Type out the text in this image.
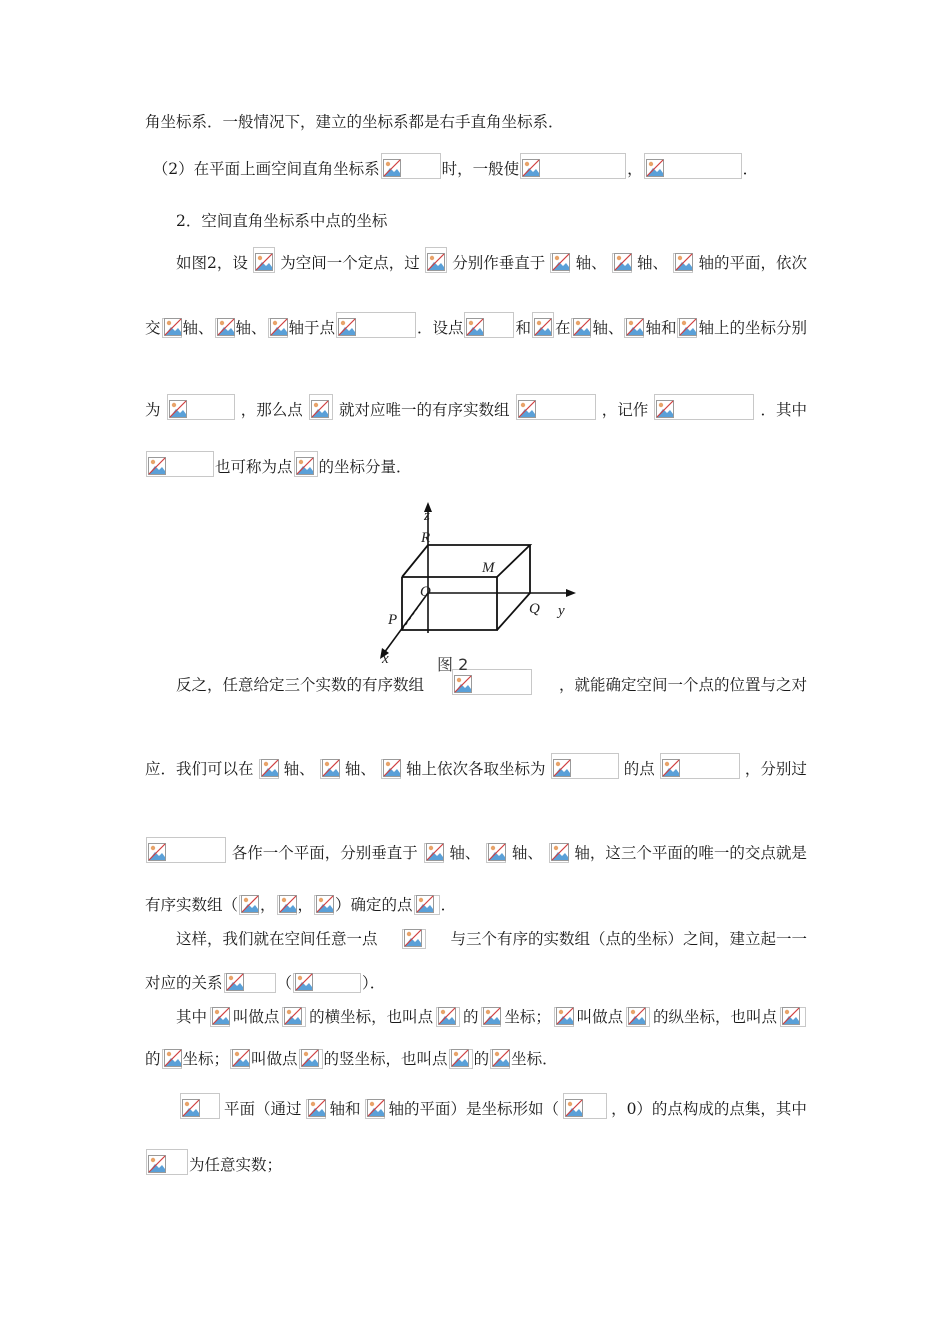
角坐标系．一般情况下，建立的坐标系都是右手直角坐标系．
　（2）在平面上画空间直角坐标系	时，一般使	，	．
　　2．空间直角坐标系中点的坐标
　　如图2，设 为空间一个定点，过 分别作垂直于 轴、 轴、 轴的平面，依次
交 轴、 轴、 轴于点	．设点	和 在 轴、 轴和 轴上的坐标分别
为	，那么点 就对应唯一的有序实数组	，记作	．其中
也可称为点 的坐标分量．
　　反之，任意给定三个实数的有序数组	，就能确定空间一个点的位置与之对
应．我们可以在 轴、 轴、 轴上依次各取坐标为	的点	，分别过
各作一个平面，分别垂直于 轴、 轴、 轴，这三个平面的唯一的交点就是
有序实数组（ ， ， ）确定的点 ．
　　这样，我们就在空间任意一点	与三个有序的实数组（点的坐标）之间，建立起一一
对应的关系	（	）．
　　其中 叫做点 的横坐标，也叫点 的 坐标； 叫做点 的纵坐标，也叫点
的 坐标； 叫做点 的竖坐标，也叫点 的 坐标．

平面（通过 轴和 轴的平面）是坐标形如（	，0）的点构成的点集，其中
为任意实数；
z
y
x
R
M
O
P
Q
图 2
